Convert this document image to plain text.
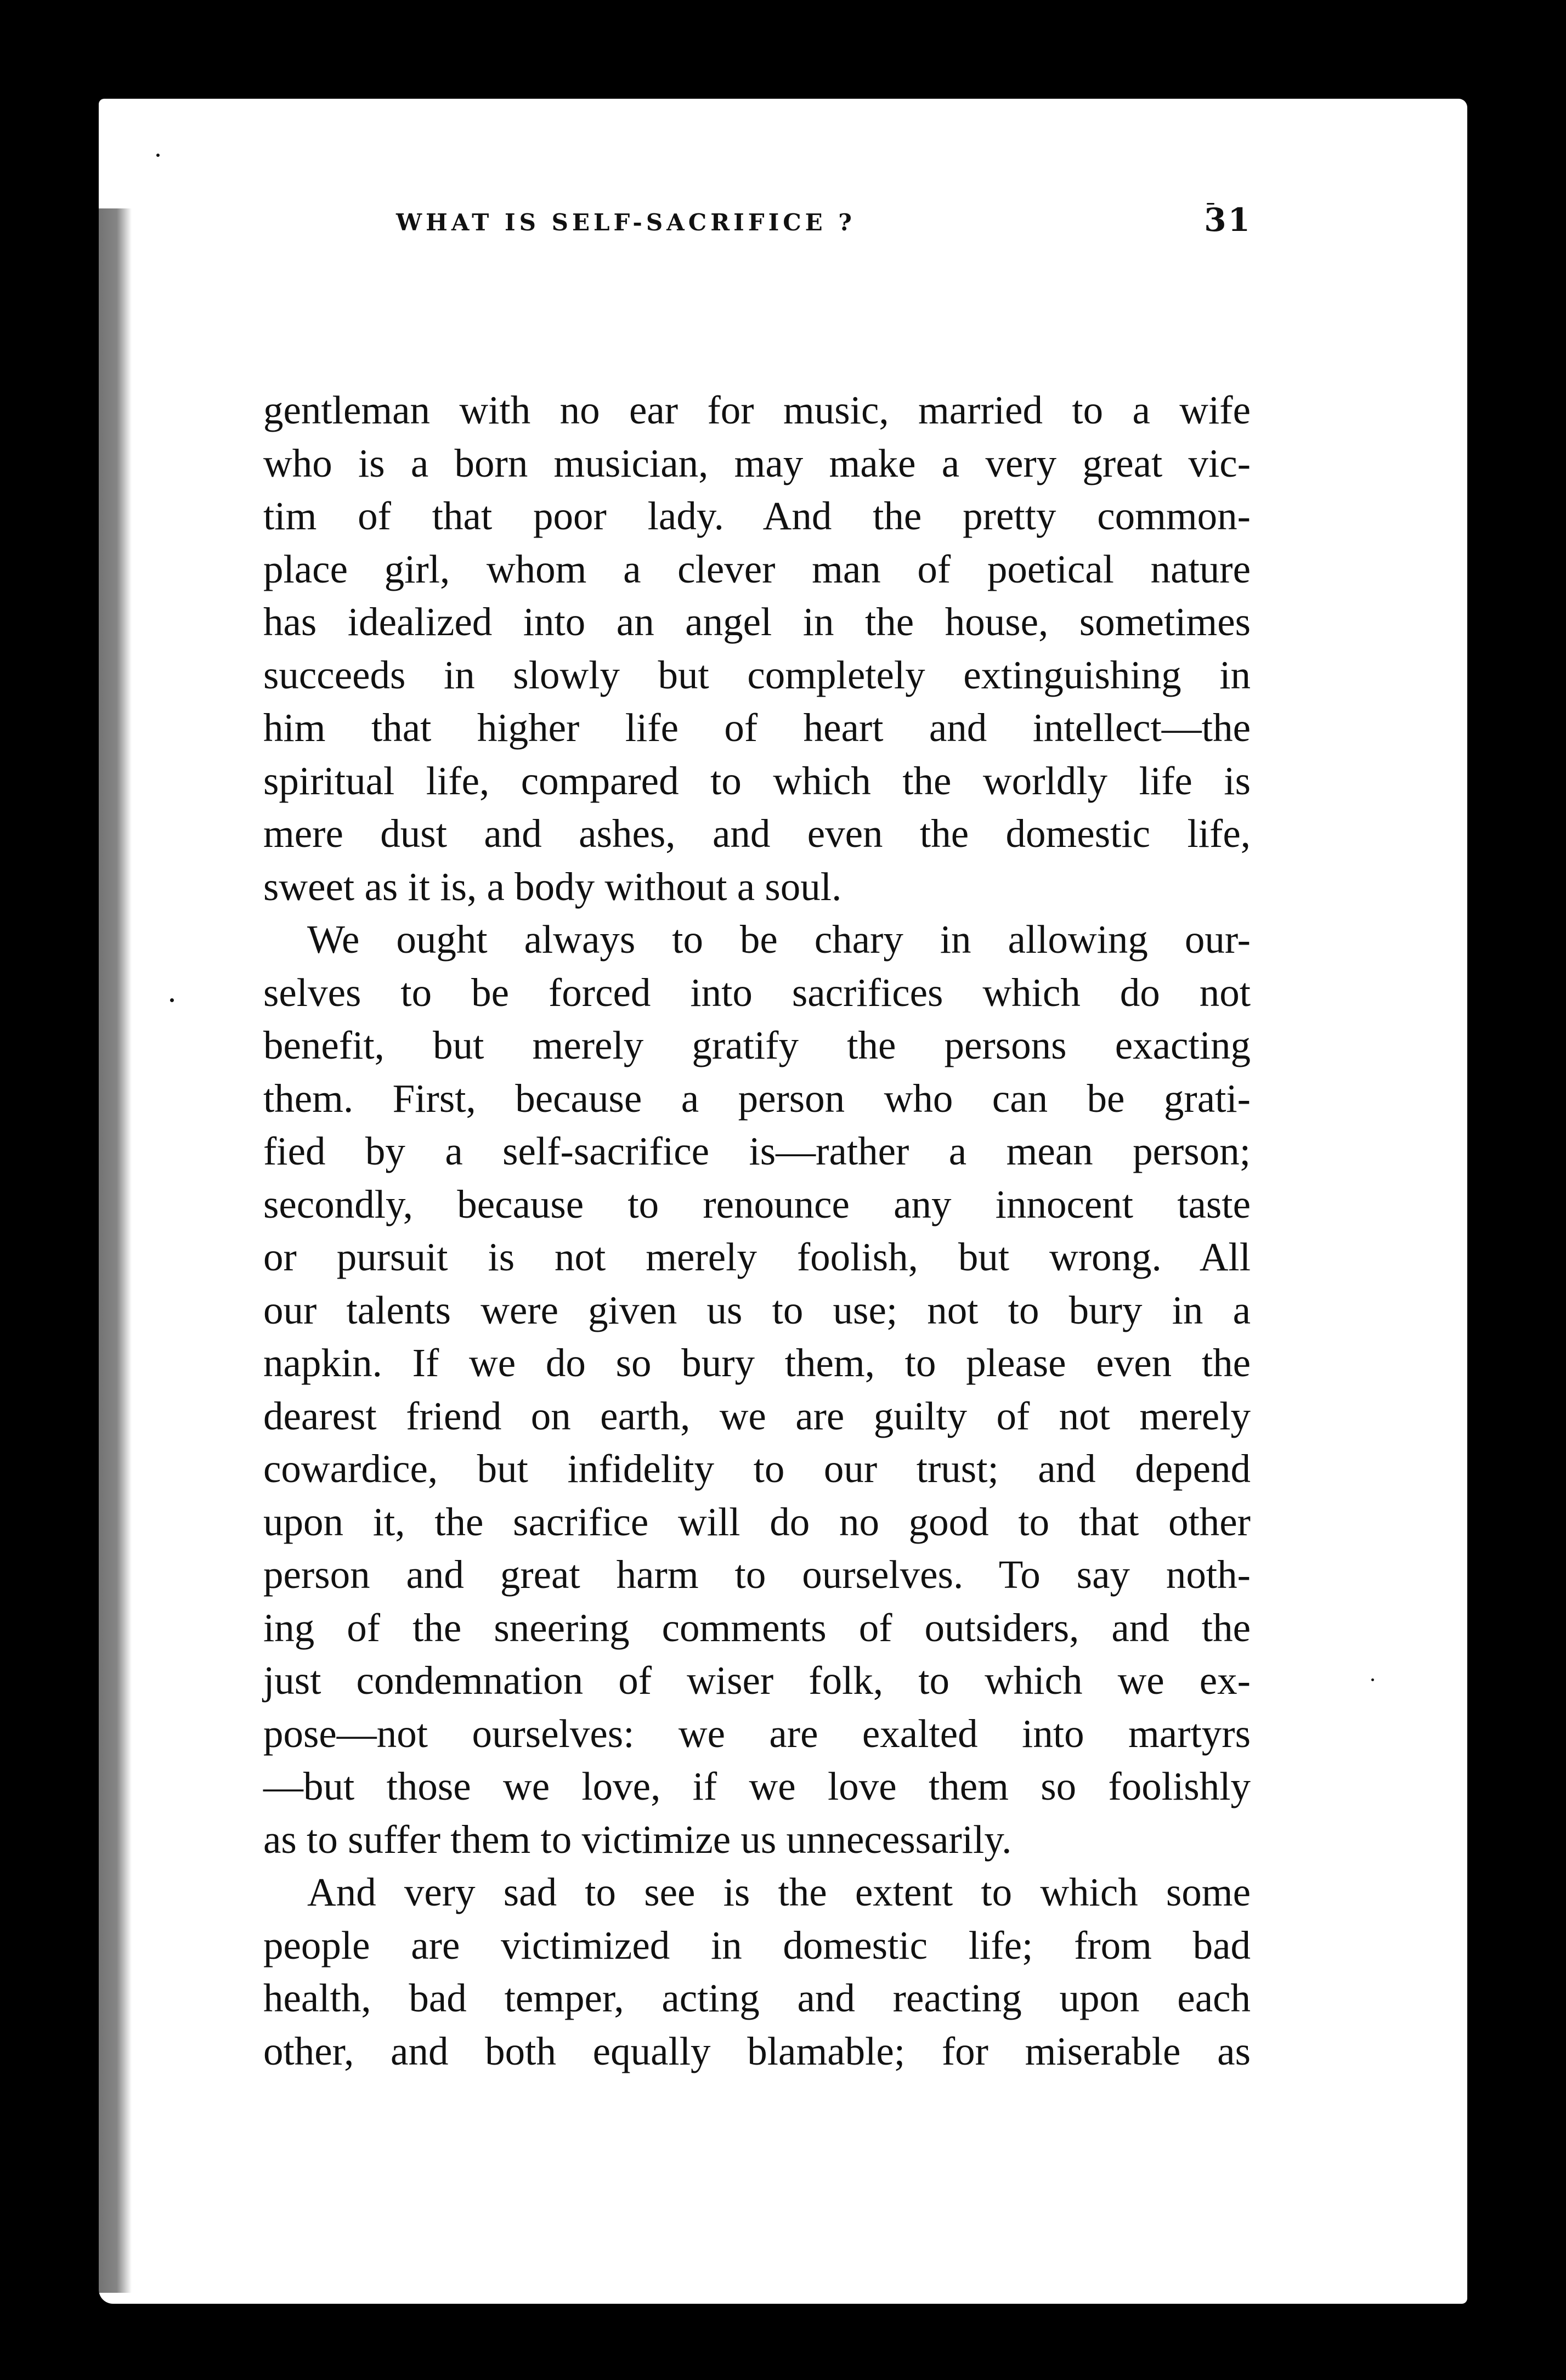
WHAT IS SELF-SACRIFICE ?	31
gentleman with no ear for music, married to a wife
who is a born musician, may make a very great vic-
tim of that poor lady. And the pretty common-
place girl, whom a clever man of poetical nature
has idealized into an angel in the house, sometimes
succeeds in slowly but completely extinguishing in
him that higher life of heart and intellect—the
spiritual life, compared to which the worldly life is
mere dust and ashes, and even the domestic life,
sweet as it is, a body without a soul.
We ought always to be chary in allowing our-
selves to be forced into sacrifices which do not
benefit, but merely gratify the persons exacting
them. First, because a person who can be grati-
fied by a self-sacrifice is—rather a mean person;
secondly, because to renounce any innocent taste
or pursuit is not merely foolish, but wrong. All
our talents were given us to use; not to bury in a
napkin. If we do so bury them, to please even the
dearest friend on earth, we are guilty of not merely
cowardice, but infidelity to our trust; and depend
upon it, the sacrifice will do no good to that other
person and great harm to ourselves. To say noth-
ing of the sneering comments of outsiders, and the
just condemnation of wiser folk, to which we ex-
pose—not ourselves: we are exalted into martyrs
—but those we love, if we love them so foolishly
as to suffer them to victimize us unnecessarily.
And very sad to see is the extent to which some
people are victimized in domestic life; from bad
health, bad temper, acting and reacting upon each
other, and both equally blamable; for miserable as
